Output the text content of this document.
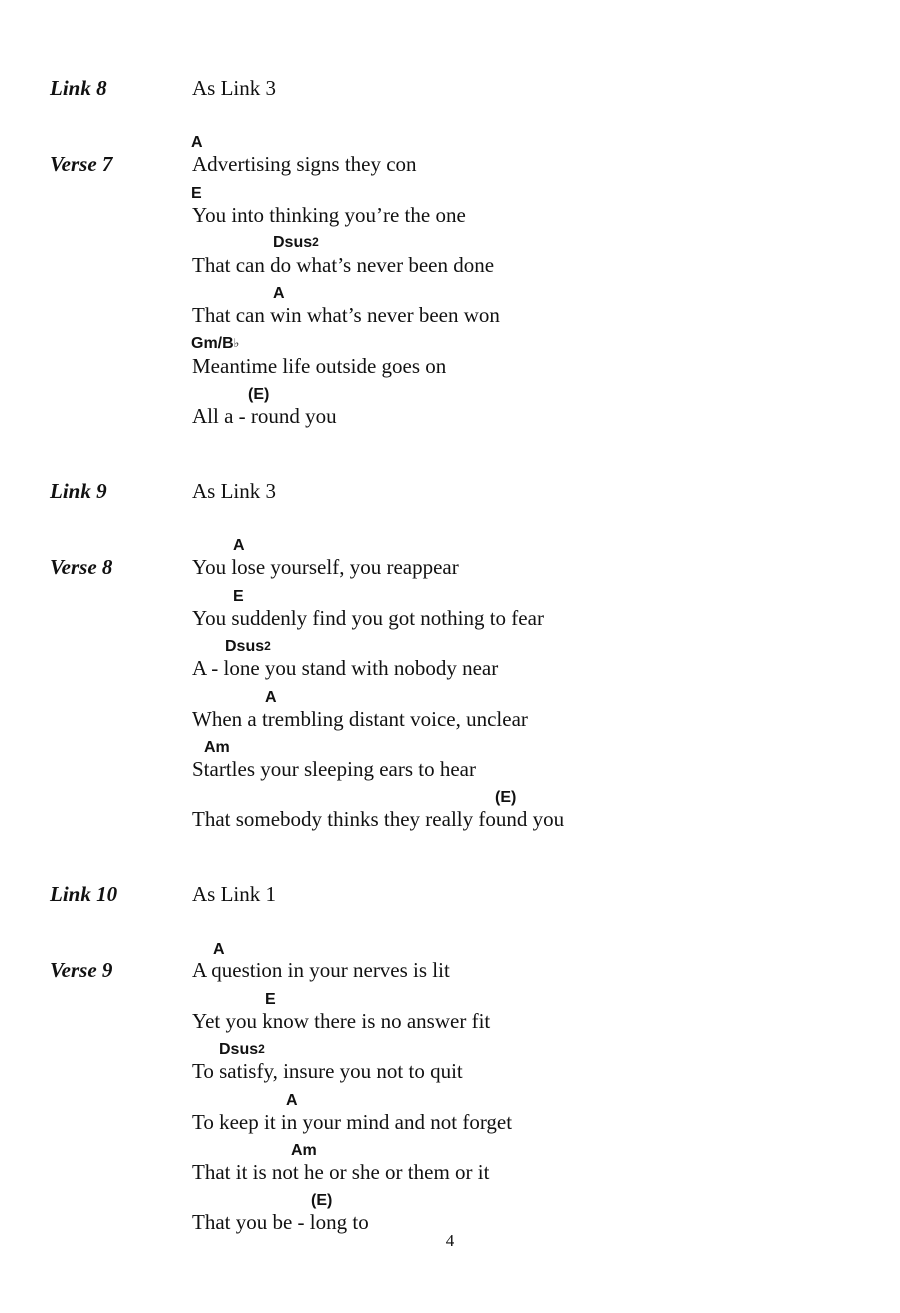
Link 8	As Link 3
Verse 7
A
Advertising signs they con
E
You into thinking you’re the one
Dsus$^2$
That can do what’s never been done
A
That can win what’s never been won
Gm/B♭
Meantime life outside goes on
(E)
All a - round you
Link 9	As Link 3
Verse 8
A
You lose yourself, you reappear
E
You suddenly find you got nothing to fear
Dsus$^2$
A - lone you stand with nobody near
A
When a trembling distant voice, unclear
Am
Startles your sleeping ears to hear
(E)
That somebody thinks they really found you
Link 10	As Link 1
Verse 9
A
A question in your nerves is lit
E
Yet you know there is no answer fit
Dsus$^2$
To satisfy, insure you not to quit
A
To keep it in your mind and not forget
Am
That it is not he or she or them or it
(E)
That you be - long to
4
